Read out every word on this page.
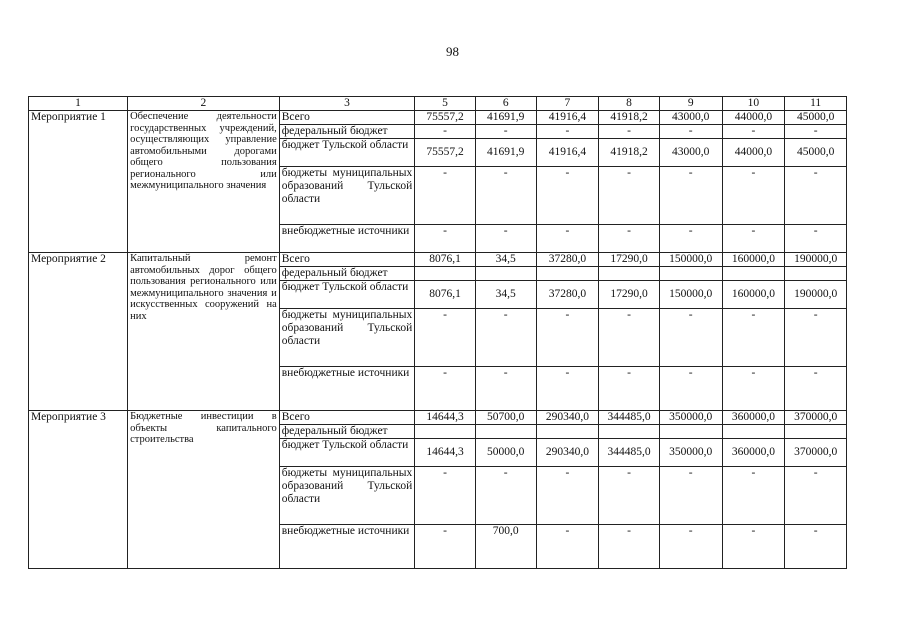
98
1	2	3	5	6	7	8	9	10	11
Мероприятие 1	Обеспечение деятельности государственных учреждений, осуществляющих управление автомобильными дорогами общего пользования регионального или межмуниципального значения	Всего	75557,2	41691,9	41916,4	41918,2	43000,0	44000,0	45000,0
		федеральный бюджет	-	-	-	-	-	-	-
		бюджет Тульской области	75557,2	41691,9	41916,4	41918,2	43000,0	44000,0	45000,0
		бюджеты муниципальных образований Тульской области	-	-	-	-	-	-	-
		внебюджетные источники	-	-	-	-	-	-	-
Мероприятие 2	Капитальный ремонт автомобильных дорог общего пользования регионального или межмуниципального значения и искусственных сооружений на них	Всего	8076,1	34,5	37280,0	17290,0	150000,0	160000,0	190000,0
		федеральный бюджет							
		бюджет Тульской области	8076,1	34,5	37280,0	17290,0	150000,0	160000,0	190000,0
		бюджеты муниципальных образований Тульской области	-	-	-	-	-	-	-
		внебюджетные источники	-	-	-	-	-	-	-
Мероприятие 3	Бюджетные инвестиции в объекты капитального строительства	Всего	14644,3	50700,0	290340,0	344485,0	350000,0	360000,0	370000,0
		федеральный бюджет							
		бюджет Тульской области	14644,3	50000,0	290340,0	344485,0	350000,0	360000,0	370000,0
		бюджеты муниципальных образований Тульской области	-	-	-	-	-	-	-
		внебюджетные источники	-	700,0	-	-	-	-	-
